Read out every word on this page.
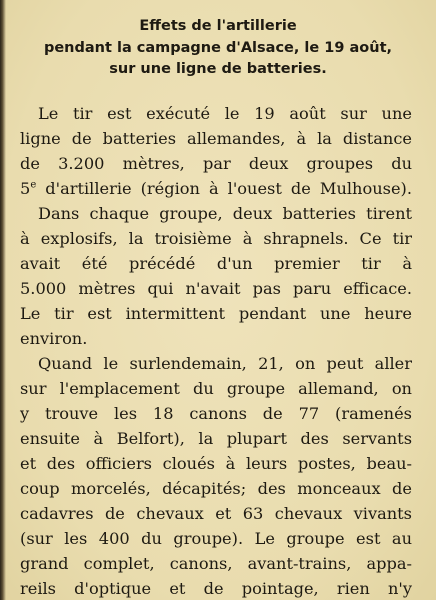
Effets de l'artillerie
pendant la campagne d'Alsace, le 19 août,
sur une ligne de batteries.
Le tir est exécuté le 19 août sur une
ligne de batteries allemandes, à la distance
de 3.200 mètres, par deux groupes du
5e d'artillerie (région à l'ouest de Mulhouse).
Dans chaque groupe, deux batteries tirent
à explosifs, la troisième à shrapnels. Ce tir
avait été précédé d'un premier tir à
5.000 mètres qui n'avait pas paru efficace.
Le tir est intermittent pendant une heure
environ.
Quand le surlendemain, 21, on peut aller
sur l'emplacement du groupe allemand, on
y trouve les 18 canons de 77 (ramenés
ensuite à Belfort), la plupart des servants
et des officiers cloués à leurs postes, beau-
coup morcelés, décapités; des monceaux de
cadavres de chevaux et 63 chevaux vivants
(sur les 400 du groupe). Le groupe est au
grand complet, canons, avant-trains, appa-
reils d'optique et de pointage, rien n'y
